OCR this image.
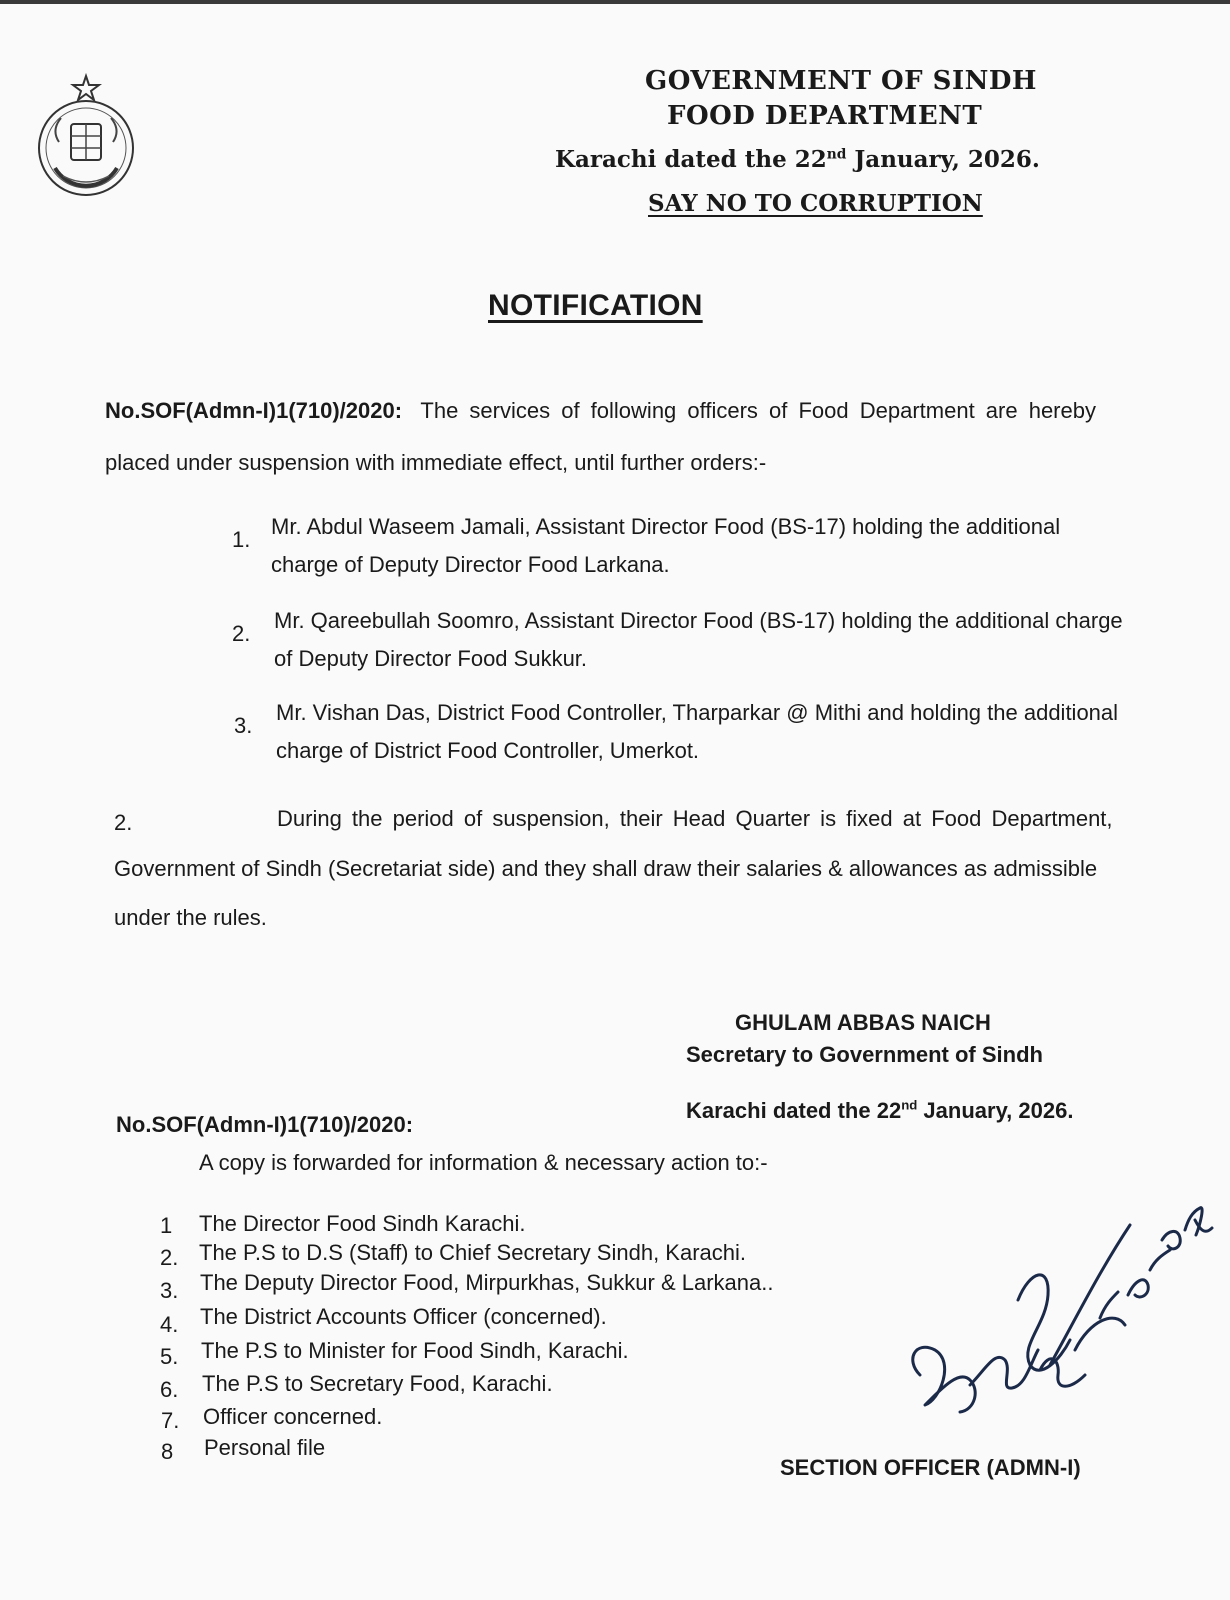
GOVERNMENT OF SINDH
FOOD DEPARTMENT
Karachi dated the 22nd January, 2026.
SAY NO TO CORRUPTION
NOTIFICATION
No.SOF(Admn-I)1(710)/2020: The services of following officers of Food Department are hereby
placed under suspension with immediate effect, until further orders:-
1.
Mr. Abdul Waseem Jamali, Assistant Director Food (BS-17) holding the additional
charge of Deputy Director Food Larkana.
2.
Mr. Qareebullah Soomro, Assistant Director Food (BS-17) holding the additional charge
of Deputy Director Food Sukkur.
3.
Mr. Vishan Das, District Food Controller, Tharparkar @ Mithi and holding the additional
charge of District Food Controller, Umerkot.
2.	During the period of suspension, their Head Quarter is fixed at Food Department,
Government of Sindh (Secretariat side) and they shall draw their salaries & allowances as admissible
under the rules.
GHULAM ABBAS NAICH
Secretary to Government of Sindh
No.SOF(Admn-I)1(710)/2020:
Karachi dated the 22nd January, 2026.
A copy is forwarded for information & necessary action to:-
1 The Director Food Sindh Karachi.
2. The P.S to D.S (Staff) to Chief Secretary Sindh, Karachi.
3. The Deputy Director Food, Mirpurkhas, Sukkur & Larkana..
4. The District Accounts Officer (concerned).
5. The P.S to Minister for Food Sindh, Karachi.
6. The P.S to Secretary Food, Karachi.
7. Officer concerned.
8 Personal file
SECTION OFFICER (ADMN-I)
